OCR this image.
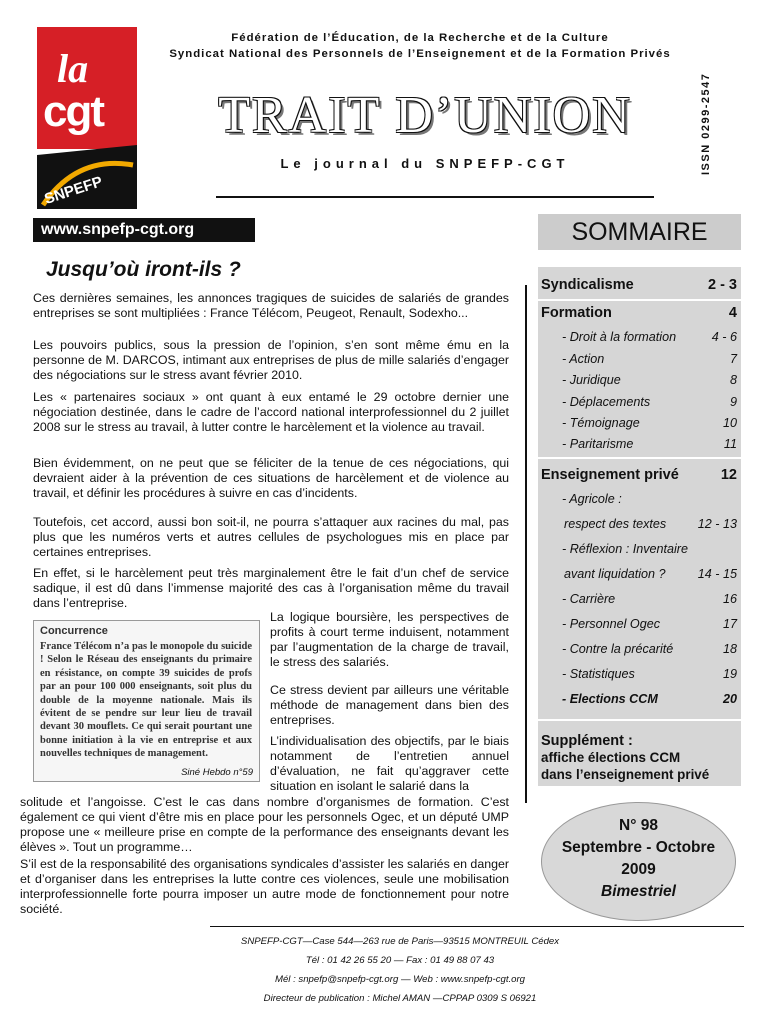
la
cgt
SNPEFP
Fédération de l’Éducation, de la Recherche et de la Culture
Syndicat National des Personnels de l’Enseignement et de la Formation Privés
TRAIT D’UNION
Le journal du SNPEFP-CGT	ISSN 0299-2547
www.snpefp-cgt.org
Jusqu’où iront-ils ?
Ces dernières semaines, les annonces tragiques de suicides de salariés de grandes entreprises se sont multipliées : France Télécom, Peugeot, Renault, Sodexho...
Les pouvoirs publics, sous la pression de l’opinion, s’en sont même ému en la personne de M. DARCOS, intimant aux entreprises de plus de mille salariés d’engager des négociations sur le stress avant février 2010.
Les « partenaires sociaux » ont quant à eux entamé le 29 octobre dernier une négociation destinée, dans le cadre de l’accord national interprofessionnel du 2 juillet 2008 sur le stress au travail, à lutter contre le harcèlement et la violence au travail.
Bien évidemment, on ne peut que se féliciter de la tenue de ces négociations, qui devraient aider à la prévention de ces situations de harcèlement et de violence au travail, et définir les procédures à suivre en cas d’incidents.
Toutefois, cet accord, aussi bon soit-il, ne pourra s’attaquer aux racines du mal, pas plus que les numéros verts et autres cellules de psychologues mis en place par certaines entreprises.
En effet, si le harcèlement peut très marginalement être le fait d’un chef de service sadique, il est dû dans l’immense majorité des cas à l’organisation même du travail dans l’entreprise.
La logique boursière, les perspectives de profits à court terme induisent, notamment par l’augmentation de la charge de travail, le stress des salariés.
Ce stress devient par ailleurs une véritable méthode de management dans bien des entreprises.
L’individualisation des objectifs, par le biais notamment de l’entretien annuel d’évaluation, ne fait qu’aggraver cette situation en isolant le salarié dans la
solitude et l’angoisse. C’est le cas dans nombre d’organismes de formation. C’est également ce qui vient d’être mis en place pour les personnels Ogec, et un député UMP propose une « meilleure prise en compte de la performance des enseignants devant les élèves ». Tout un programme…
S’il est de la responsabilité des organisations syndicales d’assister les salariés en danger et d’organiser dans les entreprises la lutte contre ces violences, seule une mobilisation interprofessionnelle forte pourra imposer un autre mode de fonctionnement pour notre société.
Concurrence
France Télécom n’a pas le monopole du suicide ! Selon le Réseau des enseignants du primaire en résistance, on compte 39 suicides de profs par an pour 100 000 enseignants, soit plus du double de la moyenne nationale. Mais ils évitent de se pendre sur leur lieu de travail devant 30 mouflets. Ce qui serait pourtant une bonne initiation à la vie en entreprise et aux nouvelles techniques de management.
Siné Hebdo n°59
SOMMAIRE
Syndicalisme	2 - 3
Formation	4
- Droit à la formation	4 - 6
- Action	7
- Juridique	8
- Déplacements	9
- Témoignage	10
- Paritarisme	11
Enseignement privé	12
- Agricole :
respect des textes	12 - 13
- Réflexion : Inventaire
avant liquidation ?	14 - 15
- Carrière	16
- Personnel Ogec	17
- Contre la précarité	18
- Statistiques	19
- Elections CCM	20
Supplément :
affiche élections CCM
dans l’enseignement privé
N° 98
Septembre - Octobre
2009
Bimestriel
SNPEFP-CGT—Case 544—263 rue de Paris—93515 MONTREUIL Cédex
Tél : 01 42 26 55 20 — Fax : 01 49 88 07 43
Mél : snpefp@snpefp-cgt.org — Web : www.snpefp-cgt.org
Directeur de publication : Michel AMAN —CPPAP 0309 S 06921
